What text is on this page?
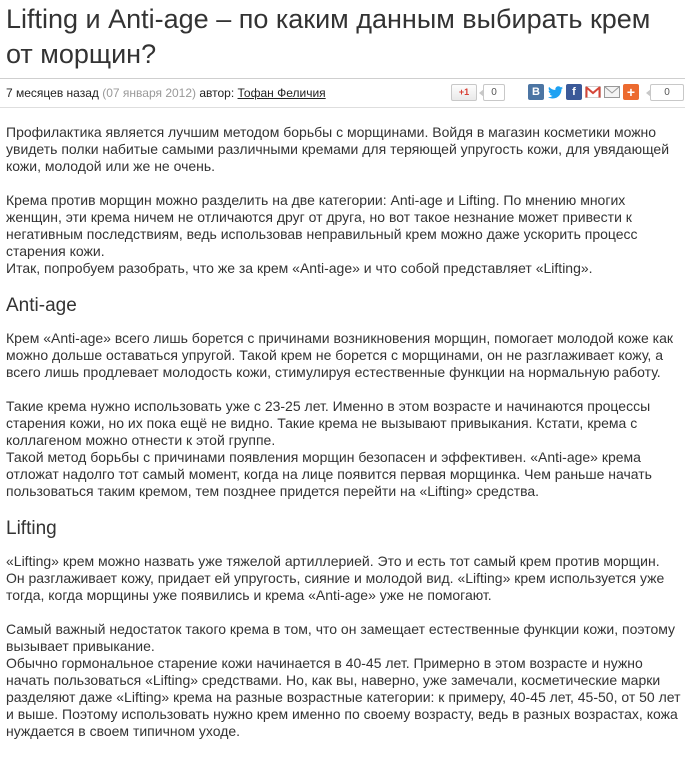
Lifting и Anti-age – по каким данным выбирать крем от морщин?
7 месяцев назад (07 января 2012) автор: Тофан Феличия	+1	0	B	f	+	0

Профилактика является лучшим методом борьбы с морщинами. Войдя в магазин косметики можно увидеть полки набитые самыми различными кремами для теряющей упругость кожи, для увядающей кожи, молодой или же не очень.

Крема против морщин можно разделить на две категории: Anti-age и Lifting. По мнению многих женщин, эти крема ничем не отличаются друг от друга, но вот такое незнание может привести к негативным последствиям, ведь использовав неправильный крем можно даже ускорить процесс старения кожи.
Итак, попробуем разобрать, что же за крем «Anti-age» и что собой представляет «Lifting».

Anti-age

Крем «Anti-age» всего лишь борется с причинами возникновения морщин, помогает молодой коже как можно дольше оставаться упругой. Такой крем не борется с морщинами, он не разглаживает кожу, а всего лишь продлевает молодость кожи, стимулируя естественные функции на нормальную работу.

Такие крема нужно использовать уже с 23-25 лет. Именно в этом возрасте и начинаются процессы старения кожи, но их пока ещё не видно. Такие крема не вызывают привыкания. Кстати, крема с коллагеном можно отнести к этой группе.
Такой метод борьбы с причинами появления морщин безопасен и эффективен. «Anti-age» крема отложат надолго тот самый момент, когда на лице появится первая морщинка. Чем раньше начать пользоваться таким кремом, тем позднее придется перейти на «Lifting» средства.

Lifting

«Lifting» крем можно назвать уже тяжелой артиллерией. Это и есть тот самый крем против морщин. Он разглаживает кожу, придает ей упругость, сияние и молодой вид. «Lifting» крем используется уже тогда, когда морщины уже появились и крема «Anti-age» уже не помогают.

Самый важный недостаток такого крема в том, что он замещает естественные функции кожи, поэтому вызывает привыкание.
Обычно гормональное старение кожи начинается в 40-45 лет. Примерно в этом возрасте и нужно начать пользоваться «Lifting» средствами. Но, как вы, наверно, уже замечали, косметические марки разделяют даже «Lifting» крема на разные возрастные категории: к примеру, 40-45 лет, 45-50, от 50 лет и выше. Поэтому использовать нужно крем именно по своему возрасту, ведь в разных возрастах, кожа нуждается в своем типичном уходе.
